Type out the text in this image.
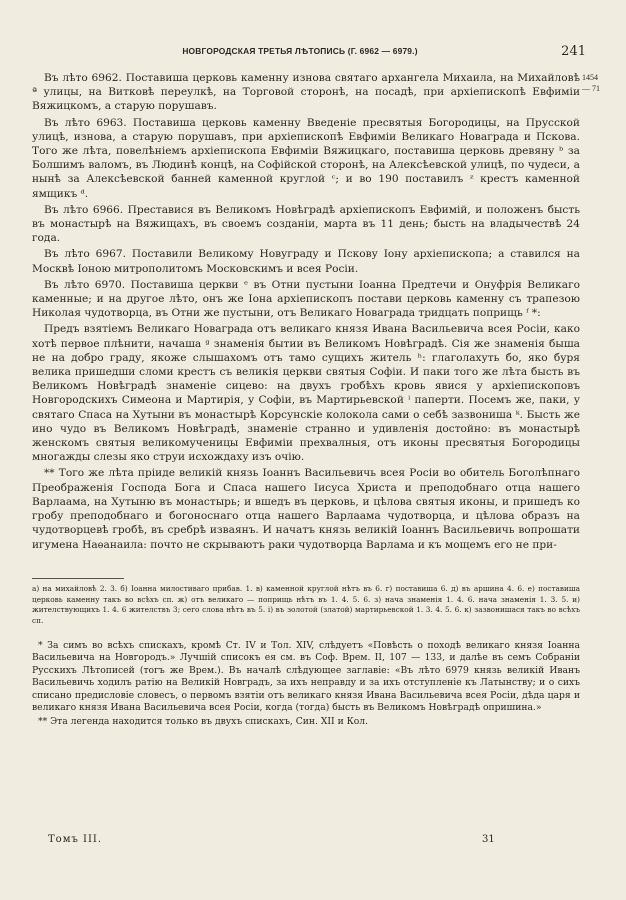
НОВГОРОДСКАЯ ТРЕТЬЯ ЛѢТОПИСЬ (Г. 6962 — 6979.)	241
1454
— 71

Въ лѣто 6962. Поставиша церковь каменну изнова святаго архангела Михаила, на Михайловѣ ª улицы, на Витковѣ переулкѣ, на Торговой сторонѣ, на посадѣ, при архіепископѣ Евфиміи Вяжицкомъ, а старую порушавъ.

Въ лѣто 6963. Поставиша церковь каменну Введеніе пресвятыя Богородицы, на Прусской улицѣ, изнова, а старую порушавъ, при архіепископѣ Евфиміи Великаго Новаграда и Пскова. Того же лѣта, повелѣніемъ архіепископа Евфиміи Вяжицкаго, поставиша церковь древяну ᵇ за Болшимъ валомъ, въ Людинѣ концѣ, на Софійской сторонѣ, на Алексѣевской улицѣ, по чудеси, а нынѣ за Алексѣевской банней каменной круглой ᶜ; и во 190 поставилъ ᶻ крестъ каменной ямщикъ ᵈ.

Въ лѣто 6966. Преставися въ Великомъ Новѣградѣ архіепископъ Евфимій, и положенъ бысть въ монастырѣ на Вяжищахъ, въ своемъ созданіи, марта въ 11 день; бысть на владычествѣ 24 года.

Въ лѣто 6967. Поставили Великому Новуграду и Пскову Іону архіепископа; а ставился на Москвѣ Іоною митрополитомъ Московскимъ и всея Росіи.

Въ лѣто 6970. Поставиша церкви ᵉ въ Отни пустыни Іоанна Предтечи и Онуфрія Великаго каменные; и на другое лѣто, онъ же Іона архіепископъ постави церковь каменну съ трапезою Николая чудотворца, въ Отни же пустыни, отъ Великаго Новаграда тридцать поприщь ᶠ *:

Предъ взятіемъ Великаго Новаграда отъ великаго князя Ивана Васильевича всея Росіи, како хотѣ первое плѣнити, начаша ᵍ знаменія бытии въ Великомъ Новѣградѣ. Сія же знаменія быша не на добро граду, якоже слышахомъ отъ тамо сущихъ житель ʰ: глаголахуть бо, яко буря велика пришедши сломи крестъ съ великія церкви святыя Софіи. И паки того же лѣта бысть въ Великомъ Новѣградѣ знаменіе сицево: на двухъ гробѣхъ кровь явися у архіепископовъ Новгородскихъ Симеона и Мартирія, у Софіи, въ Мартирьевской ⁱ паперти. Посемъ же, паки, у святаго Спаса на Хутыни въ монастырѣ Корсунскіе колокола сами о себѣ зазвониша ᵏ. Бысть же ино чудо въ Великомъ Новѣградѣ, знаменіе странно и удивленія достойно: въ монастырѣ женскомъ святыя великомученицы Евфиміи прехвалныя, отъ иконы пресвятыя Богородицы многажды слезы яко струи исхождаху изъ очію.

** Того же лѣта пріиде великій князь Іоаннъ Васильевичь всея Росіи во обитель Боголѣпнаго Преображенія Господа Бога и Спаса нашего Іисуса Христа и преподобнаго отца нашего Варлаама, на Хутыню въ монастырь; и вшедъ въ церковь, и цѣлова святыя иконы, и пришедъ ко гробу преподобнаго и богоноснаго отца нашего Варлаама чудотворца, и цѣлова образъ на чудотворцевѣ гробѣ, въ сребрѣ изваянъ. И начатъ князь великій Іоаннъ Васильевичь вопрошати игумена Наѳанаила: почто не скрываютъ раки чудотворца Варлама и къ мощемъ его не при-

а) на михайловѣ 2. 3. б) Іоанна милостиваго прибав. 1. в) каменной круглой нѣтъ въ 6. г) поставиша 6. д) въ аршина 4. 6. е) поставиша церковь каменну такъ во всѣхъ сп. ж) отъ великаго — поприщь нѣтъ въ 1. 4. 5. 6. з) нача знаменія 1. 4. 6. нача знаменія 1. 3. 5. и) жителствующихъ 1. 4. 6 жителствъ 3; сего слова нѣтъ въ 5. і) въ золотой (златой) мартирьевской 1. 3. 4. 5. 6. к) зазвонишася такъ во всѣхъ сп.

* За симъ во всѣхъ спискахъ, кромѣ Ст. IV и Тол. XIV, слѣдуетъ «Повѣсть о походѣ великаго князя Іоанна Васильевича на Новгородъ.» Лучшій списокъ ея см. въ Соф. Врем. II, 107 — 133, и далѣе въ семъ Собраніи Русскихъ Лѣтописей (тогъ же Врем.). Въ началѣ слѣдующее заглавіе: «Въ лѣто 6979 князь великій Иванъ Васильевичь ходилъ ратію на Великій Новградъ, за ихъ неправду и за ихъ отступленіе къ Латынству; и о сихъ списано предисловіе словесъ, о первомъ взятіи отъ великаго князя Ивана Васильевича всея Росіи, дѣда царя и великаго князя Ивана Васильевича всея Росіи, когда (тогда) бысть въ Великомъ Новѣградѣ опришина.»

** Эта легенда находится только въ двухъ спискахъ, Син. XII и Кол.

Томъ III.	31
